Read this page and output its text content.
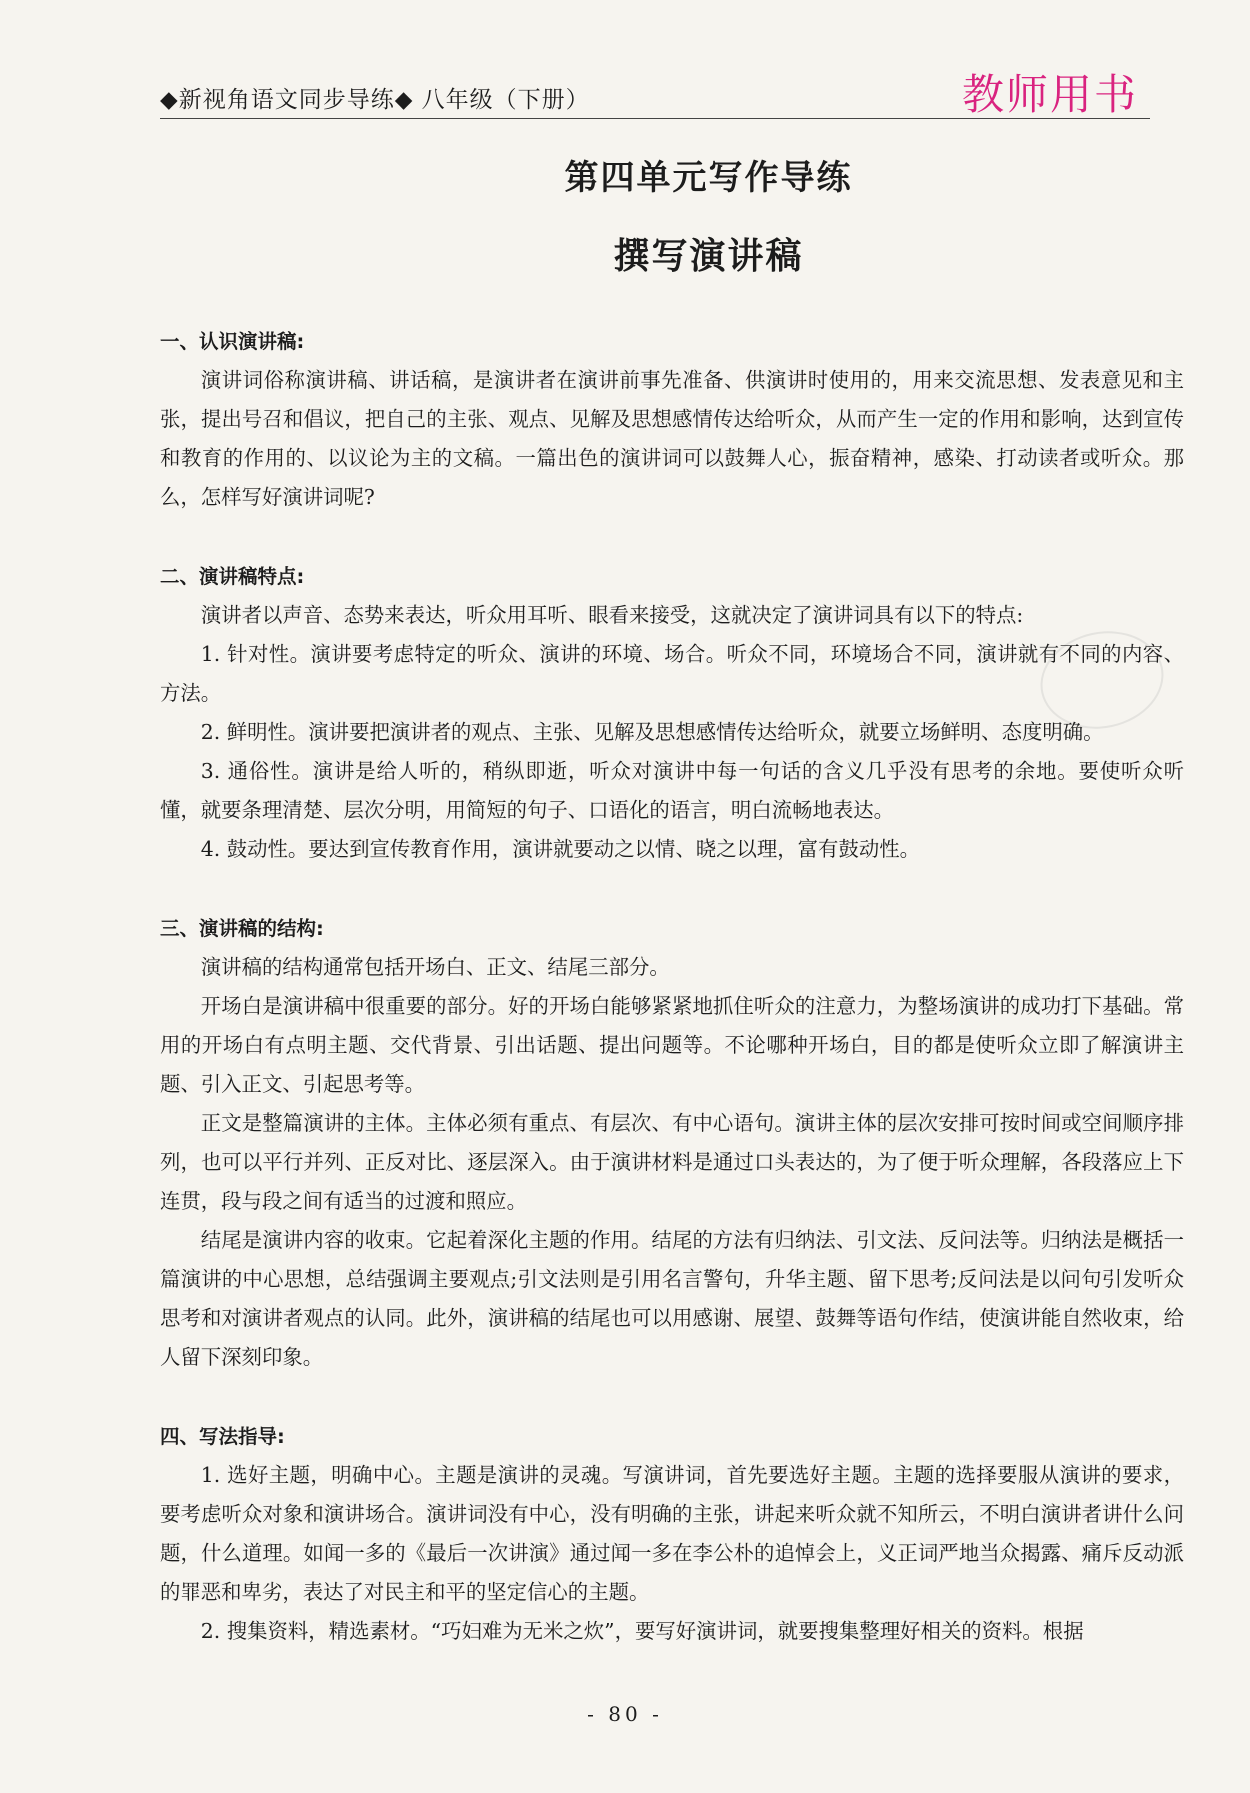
◆新视角语文同步导练◆ 八年级（下册）	教师用书
第四单元写作导练
撰写演讲稿

一、认识演讲稿:

演讲词俗称演讲稿、讲话稿，是演讲者在演讲前事先准备、供演讲时使用的，用来交流思想、发表意见和主张，提出号召和倡议，把自己的主张、观点、见解及思想感情传达给听众，从而产生一定的作用和影响，达到宣传和教育的作用的、以议论为主的文稿。一篇出色的演讲词可以鼓舞人心，振奋精神，感染、打动读者或听众。那么，怎样写好演讲词呢?

二、演讲稿特点:

演讲者以声音、态势来表达，听众用耳听、眼看来接受，这就决定了演讲词具有以下的特点:

1. 针对性。演讲要考虑特定的听众、演讲的环境、场合。听众不同，环境场合不同，演讲就有不同的内容、方法。

2. 鲜明性。演讲要把演讲者的观点、主张、见解及思想感情传达给听众，就要立场鲜明、态度明确。

3. 通俗性。演讲是给人听的，稍纵即逝，听众对演讲中每一句话的含义几乎没有思考的余地。要使听众听懂，就要条理清楚、层次分明，用简短的句子、口语化的语言，明白流畅地表达。

4. 鼓动性。要达到宣传教育作用，演讲就要动之以情、晓之以理，富有鼓动性。

三、演讲稿的结构:

演讲稿的结构通常包括开场白、正文、结尾三部分。

开场白是演讲稿中很重要的部分。好的开场白能够紧紧地抓住听众的注意力，为整场演讲的成功打下基础。常用的开场白有点明主题、交代背景、引出话题、提出问题等。不论哪种开场白，目的都是使听众立即了解演讲主题、引入正文、引起思考等。

正文是整篇演讲的主体。主体必须有重点、有层次、有中心语句。演讲主体的层次安排可按时间或空间顺序排列，也可以平行并列、正反对比、逐层深入。由于演讲材料是通过口头表达的，为了便于听众理解，各段落应上下连贯，段与段之间有适当的过渡和照应。

结尾是演讲内容的收束。它起着深化主题的作用。结尾的方法有归纳法、引文法、反问法等。归纳法是概括一篇演讲的中心思想，总结强调主要观点;引文法则是引用名言警句，升华主题、留下思考;反问法是以问句引发听众思考和对演讲者观点的认同。此外，演讲稿的结尾也可以用感谢、展望、鼓舞等语句作结，使演讲能自然收束，给人留下深刻印象。

四、写法指导:

1. 选好主题，明确中心。主题是演讲的灵魂。写演讲词，首先要选好主题。主题的选择要服从演讲的要求，要考虑听众对象和演讲场合。演讲词没有中心，没有明确的主张，讲起来听众就不知所云，不明白演讲者讲什么问题，什么道理。如闻一多的《最后一次讲演》通过闻一多在李公朴的追悼会上，义正词严地当众揭露、痛斥反动派的罪恶和卑劣，表达了对民主和平的坚定信心的主题。

2. 搜集资料，精选素材。“巧妇难为无米之炊”，要写好演讲词，就要搜集整理好相关的资料。根据

- 80 -
